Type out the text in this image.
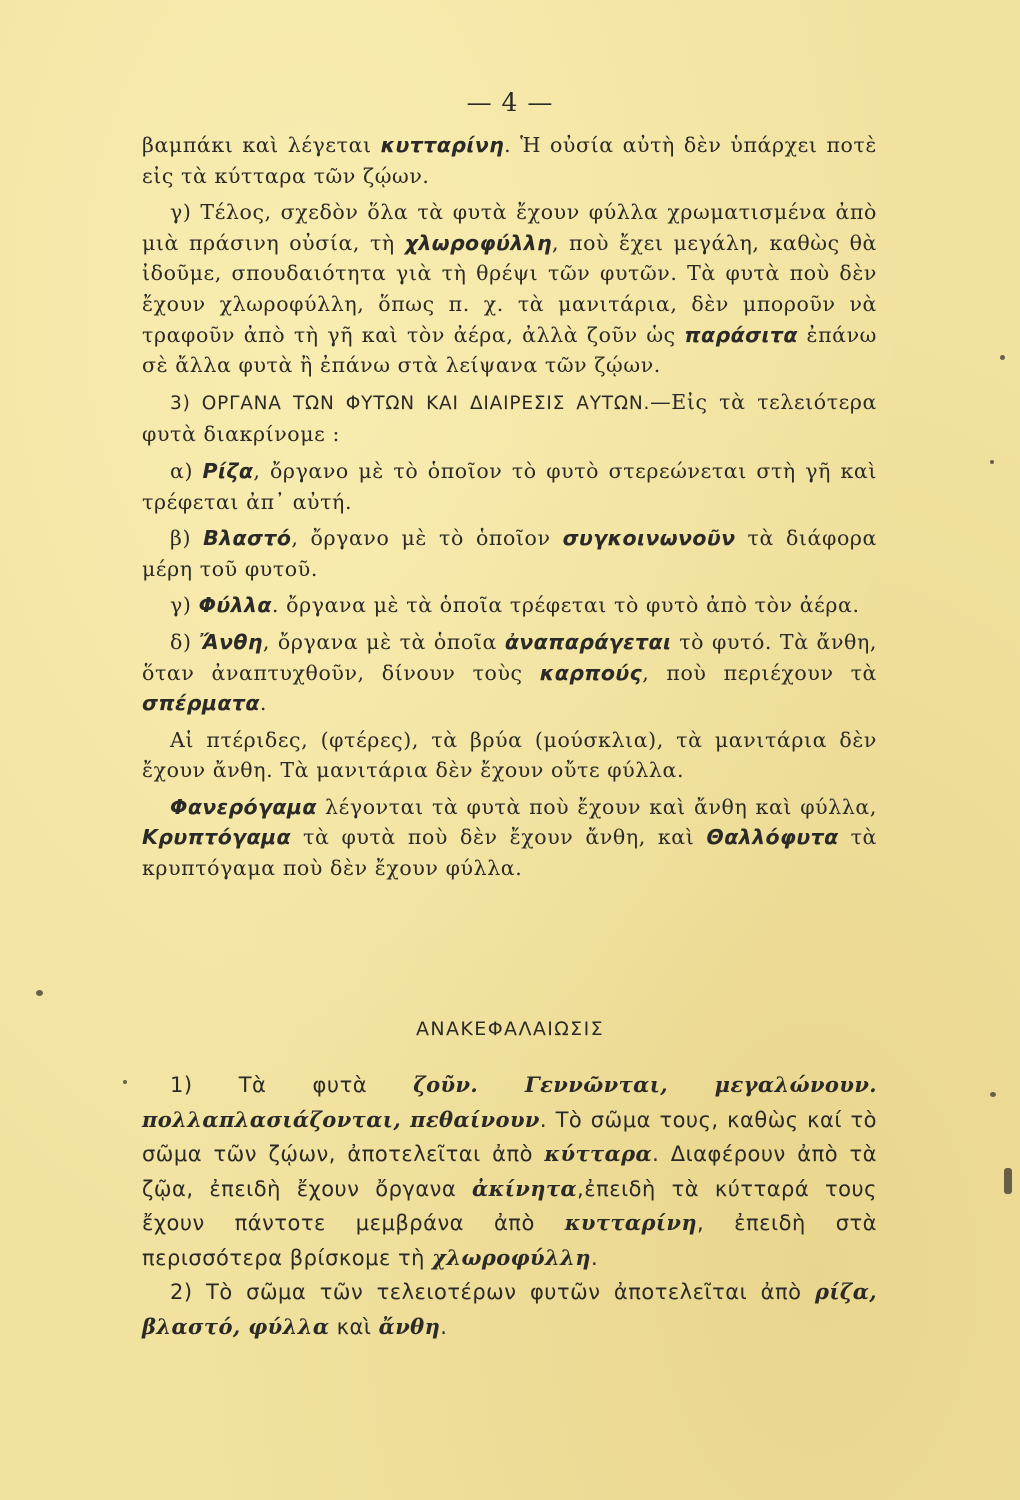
— 4 —

βαμπάκι καὶ λέγεται κυτταρίνη. Ἡ οὐσία αὐτὴ δὲν ὑπάρχει ποτὲ εἰς τὰ κύτταρα τῶν ζῴων.

γ) Τέλος, σχεδὸν ὅλα τὰ φυτὰ ἔχουν φύλλα χρωματισμένα ἀπὸ μιὰ πράσινη οὐσία, τὴ χλωροφύλλη, ποὺ ἔχει μεγάλη, καθὼς θὰ ἰδοῦμε, σπουδαιότητα γιὰ τὴ θρέψι τῶν φυτῶν. Τὰ φυτὰ ποὺ δὲν ἔχουν χλωροφύλλη, ὅπως π. χ. τὰ μανιτάρια, δὲν μποροῦν νὰ τραφοῦν ἀπὸ τὴ γῆ καὶ τὸν ἀέρα, ἀλλὰ ζοῦν ὡς παράσιτα ἐπάνω σὲ ἄλλα φυτὰ ἢ ἐπάνω στὰ λείψανα τῶν ζῴων.

3) ΟΡΓΑΝΑ ΤΩΝ ΦΥΤΩΝ ΚΑΙ ΔΙΑΙΡΕΣΙΣ ΑΥΤΩΝ.—Εἰς τὰ τελειότερα φυτὰ διακρίνομε :

α) Ρίζα, ὄργανο μὲ τὸ ὁποῖον τὸ φυτὸ στερεώνεται στὴ γῆ καὶ τρέφεται ἀπ᾽ αὐτή.

β) Βλαστό, ὄργανο μὲ τὸ ὁποῖον συγκοινωνοῦν τὰ διάφορα μέρη τοῦ φυτοῦ.

γ) Φύλλα. ὄργανα μὲ τὰ ὁποῖα τρέφεται τὸ φυτὸ ἀπὸ τὸν ἀέρα.

δ) Ἄνθη, ὄργανα μὲ τὰ ὁποῖα ἀναπαράγεται τὸ φυτό. Τὰ ἄνθη, ὅταν ἀναπτυχθοῦν, δίνουν τοὺς καρπούς, ποὺ περιέχουν τὰ σπέρματα.

Αἱ πτέριδες, (φτέρες), τὰ βρύα (μούσκλια), τὰ μανιτάρια δὲν ἔχουν ἄνθη. Τὰ μανιτάρια δὲν ἔχουν οὔτε φύλλα.

Φανερόγαμα λέγονται τὰ φυτὰ ποὺ ἔχουν καὶ ἄνθη καὶ φύλλα, Κρυπτόγαμα τὰ φυτὰ ποὺ δὲν ἔχουν ἄνθη, καὶ Θαλλόφυτα τὰ κρυπτόγαμα ποὺ δὲν ἔχουν φύλλα.

ΑΝΑΚΕΦΑΛΑΙΩΣΙΣ

1) Τὰ φυτὰ ζοῦν. Γεννῶνται, μεγαλώνουν. πολλαπλασιάζονται, πεθαίνουν. Τὸ σῶμα τους, καθὼς καί τὸ σῶμα τῶν ζῴων, ἀποτελεῖται ἀπὸ κύτταρα. Διαφέρουν ἀπὸ τὰ ζῷα, ἐπειδὴ ἔχουν ὄργανα ἀκίνητα,ἐπειδὴ τὰ κύτταρά τους ἔχουν πάντοτε μεμβράνα ἀπὸ κυτταρίνη, ἐπειδὴ στὰ περισσότερα βρίσκομε τὴ χλωροφύλλη.

2) Τὸ σῶμα τῶν τελειοτέρων φυτῶν ἀποτελεῖται ἀπὸ ρίζα, βλαστό, φύλλα καὶ ἄνθη.
